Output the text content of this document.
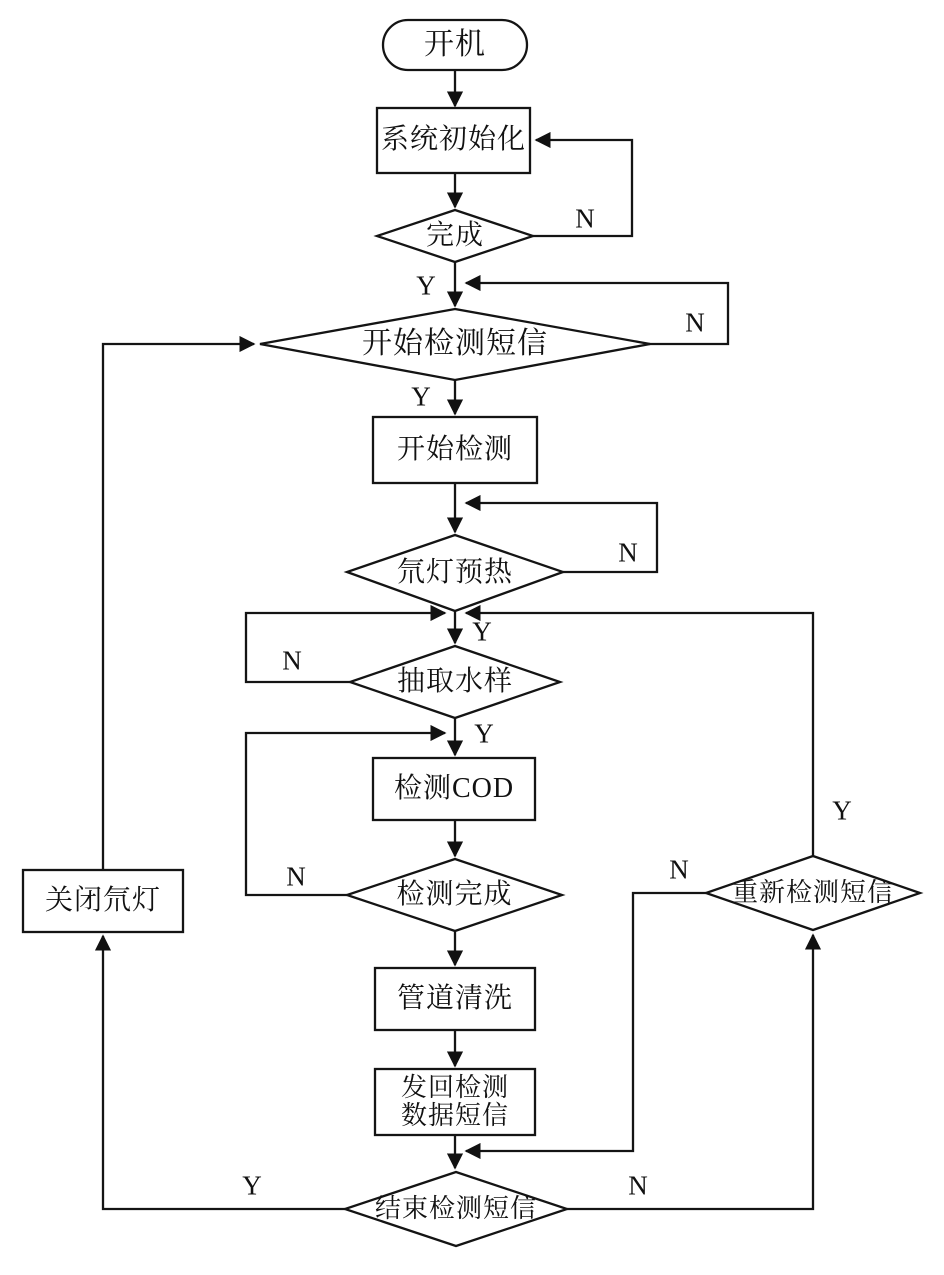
开机
系统初始化
完成
开始检测短信
开始检测
氘灯预热
抽取水样
检测COD
检测完成
管道清洗
发回检测
数据短信
结束检测短信
关闭氘灯	重新检测短信
N
Y
N
Y
N
Y
N
Y
N
Y
N
Y	N
